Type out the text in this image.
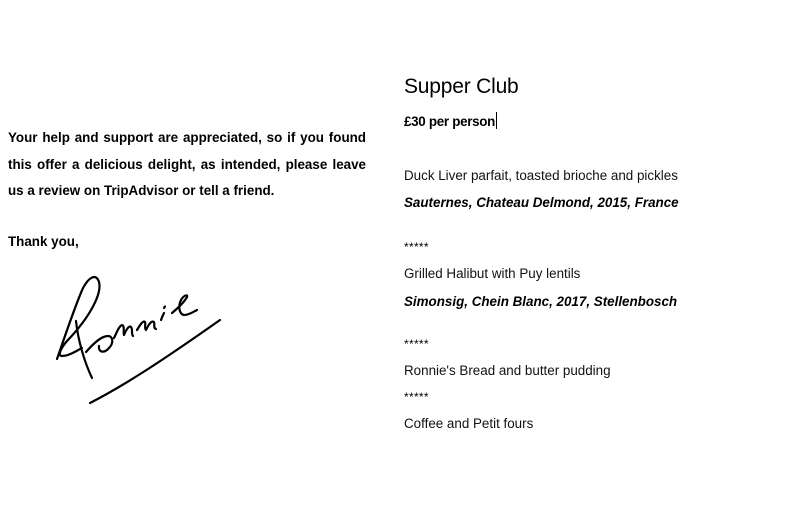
Your help and support are appreciated, so if you found this offer a delicious delight, as intended, please leave us a review on TripAdvisor or tell a friend.

Thank you,

Supper Club
£30 per person

Duck Liver parfait, toasted brioche and pickles

Sauternes, Chateau Delmond, 2015, France

*****

Grilled Halibut with Puy lentils

Simonsig, Chein Blanc, 2017, Stellenbosch

*****

Ronnie's Bread and butter pudding

*****

Coffee and Petit fours
